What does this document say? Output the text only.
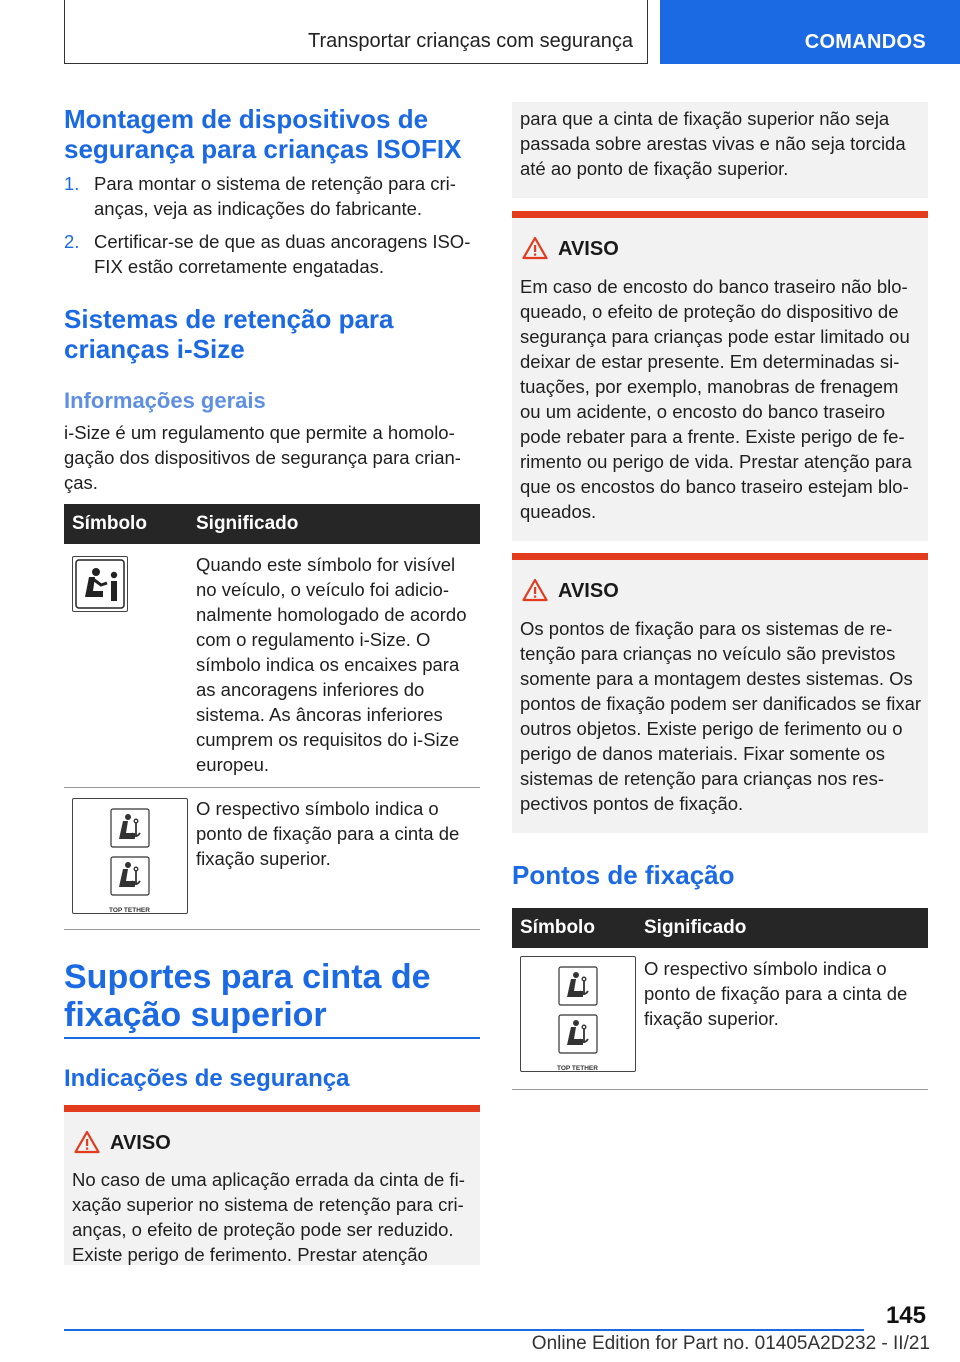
Transportar crianças com segurança	COMANDOS
Montagem de dispositivos de segurança para crianças ISOFIX
1. Para montar o sistema de retenção para crianças, veja as indicações do fabricante.
2. Certificar-se de que as duas ancoragens ISOFIX estão corretamente engatadas.
Sistemas de retenção para crianças i-Size
Informações gerais
i-Size é um regulamento que permite a homologação dos dispositivos de segurança para crianças.
Símbolo	Significado
	Quando este símbolo for visível no veículo, o veículo foi adicionalmente homologado de acordo com o regulamento i-Size. O símbolo indica os encaixes para as ancoragens inferiores do sistema. As âncoras inferiores cumprem os requisitos do i-Size europeu.

TOP TETHER	O respectivo símbolo indica o ponto de fixação para a cinta de fixação superior.
Suportes para cinta de fixação superior
Indicações de segurança
AVISO
No caso de uma aplicação errada da cinta de fixação superior no sistema de retenção para crianças, o efeito de proteção pode ser reduzido. Existe perigo de ferimento. Prestar atenção
para que a cinta de fixação superior não seja passada sobre arestas vivas e não seja torcida até ao ponto de fixação superior.
AVISO
Em caso de encosto do banco traseiro não bloqueado, o efeito de proteção do dispositivo de segurança para crianças pode estar limitado ou deixar de estar presente. Em determinadas situações, por exemplo, manobras de frenagem ou um acidente, o encosto do banco traseiro pode rebater para a frente. Existe perigo de ferimento ou perigo de vida. Prestar atenção para que os encostos do banco traseiro estejam bloqueados.
AVISO
Os pontos de fixação para os sistemas de retenção para crianças no veículo são previstos somente para a montagem destes sistemas. Os pontos de fixação podem ser danificados se fixar outros objetos. Existe perigo de ferimento ou o perigo de danos materiais. Fixar somente os sistemas de retenção para crianças nos respectivos pontos de fixação.
Pontos de fixação
Símbolo	Significado

TOP TETHER	O respectivo símbolo indica o ponto de fixação para a cinta de fixação superior.
145
Online Edition for Part no. 01405A2D232 - II/21
